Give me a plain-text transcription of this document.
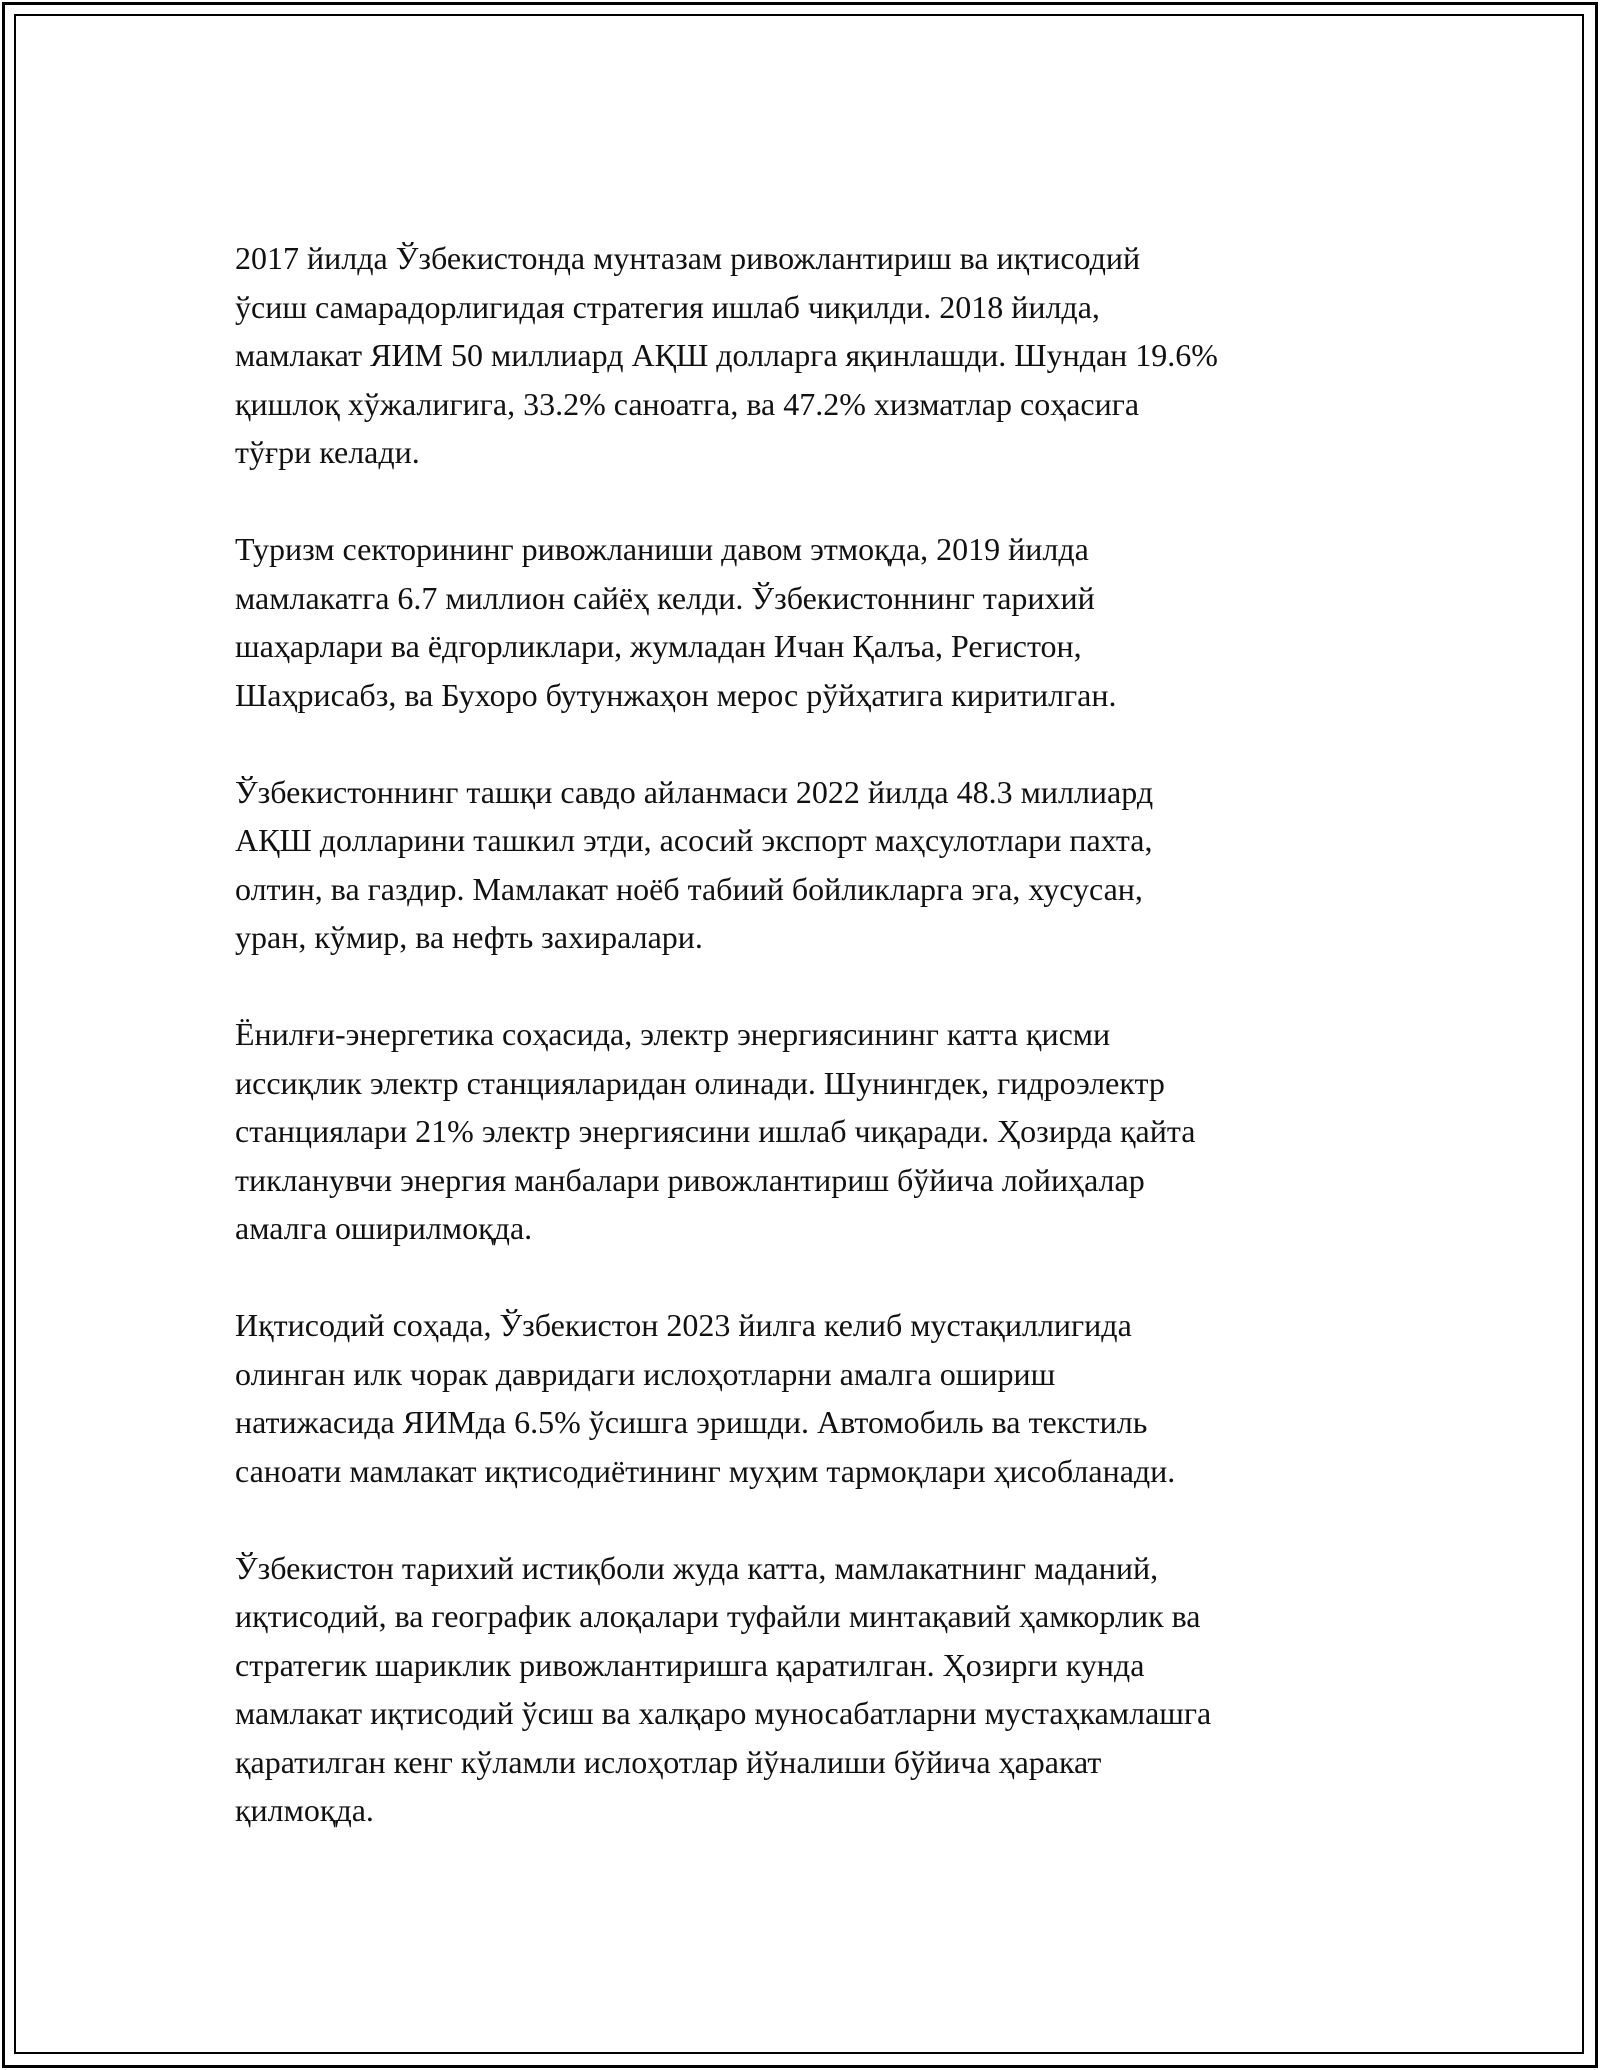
2017 йилда Ўзбекистонда мунтазам ривожлантириш ва иқтисодий
ўсиш самарадорлигидая стратегия ишлаб чиқилди. 2018 йилда,
мамлакат ЯИМ 50 миллиард АҚШ долларга яқинлашди. Шундан 19.6%
қишлоқ хўжалигига, 33.2% саноатга, ва 47.2% хизматлар соҳасига
тўғри келади.

Туризм секторининг ривожланиши давом этмоқда, 2019 йилда
мамлакатга 6.7 миллион сайёҳ келди. Ўзбекистоннинг тарихий
шаҳарлари ва ёдгорликлари, жумладан Ичан Қалъа, Регистон,
Шаҳрисабз, ва Бухоро бутунжаҳон мерос рўйҳатига киритилган.

Ўзбекистоннинг ташқи савдо айланмаси 2022 йилда 48.3 миллиард
АҚШ долларини ташкил этди, асосий экспорт маҳсулотлари пахта,
олтин, ва газдир. Мамлакат ноёб табиий бойликларга эга, хусусан,
уран, кўмир, ва нефть захиралари.

Ёнилғи-энергетика соҳасида, электр энергиясининг катта қисми
иссиқлик электр станцияларидан олинади. Шунингдек, гидроэлектр
станциялари 21% электр энергиясини ишлаб чиқаради. Ҳозирда қайта
тикланувчи энергия манбалари ривожлантириш бўйича лойиҳалар
амалга оширилмоқда.

Иқтисодий соҳада, Ўзбекистон 2023 йилга келиб мустақиллигида
олинган илк чорак давридаги ислоҳотларни амалга ошириш
натижасида ЯИМда 6.5% ўсишга эришди. Автомобиль ва текстиль
саноати мамлакат иқтисодиётининг муҳим тармоқлари ҳисобланади.

Ўзбекистон тарихий истиқболи жуда катта, мамлакатнинг маданий,
иқтисодий, ва географик алоқалари туфайли минтақавий ҳамкорлик ва
стратегик шариклик ривожлантиришга қаратилган. Ҳозирги кунда
мамлакат иқтисодий ўсиш ва халқаро муносабатларни мустаҳкамлашга
қаратилган кенг кўламли ислоҳотлар йўналиши бўйича ҳаракат
қилмоқда.
